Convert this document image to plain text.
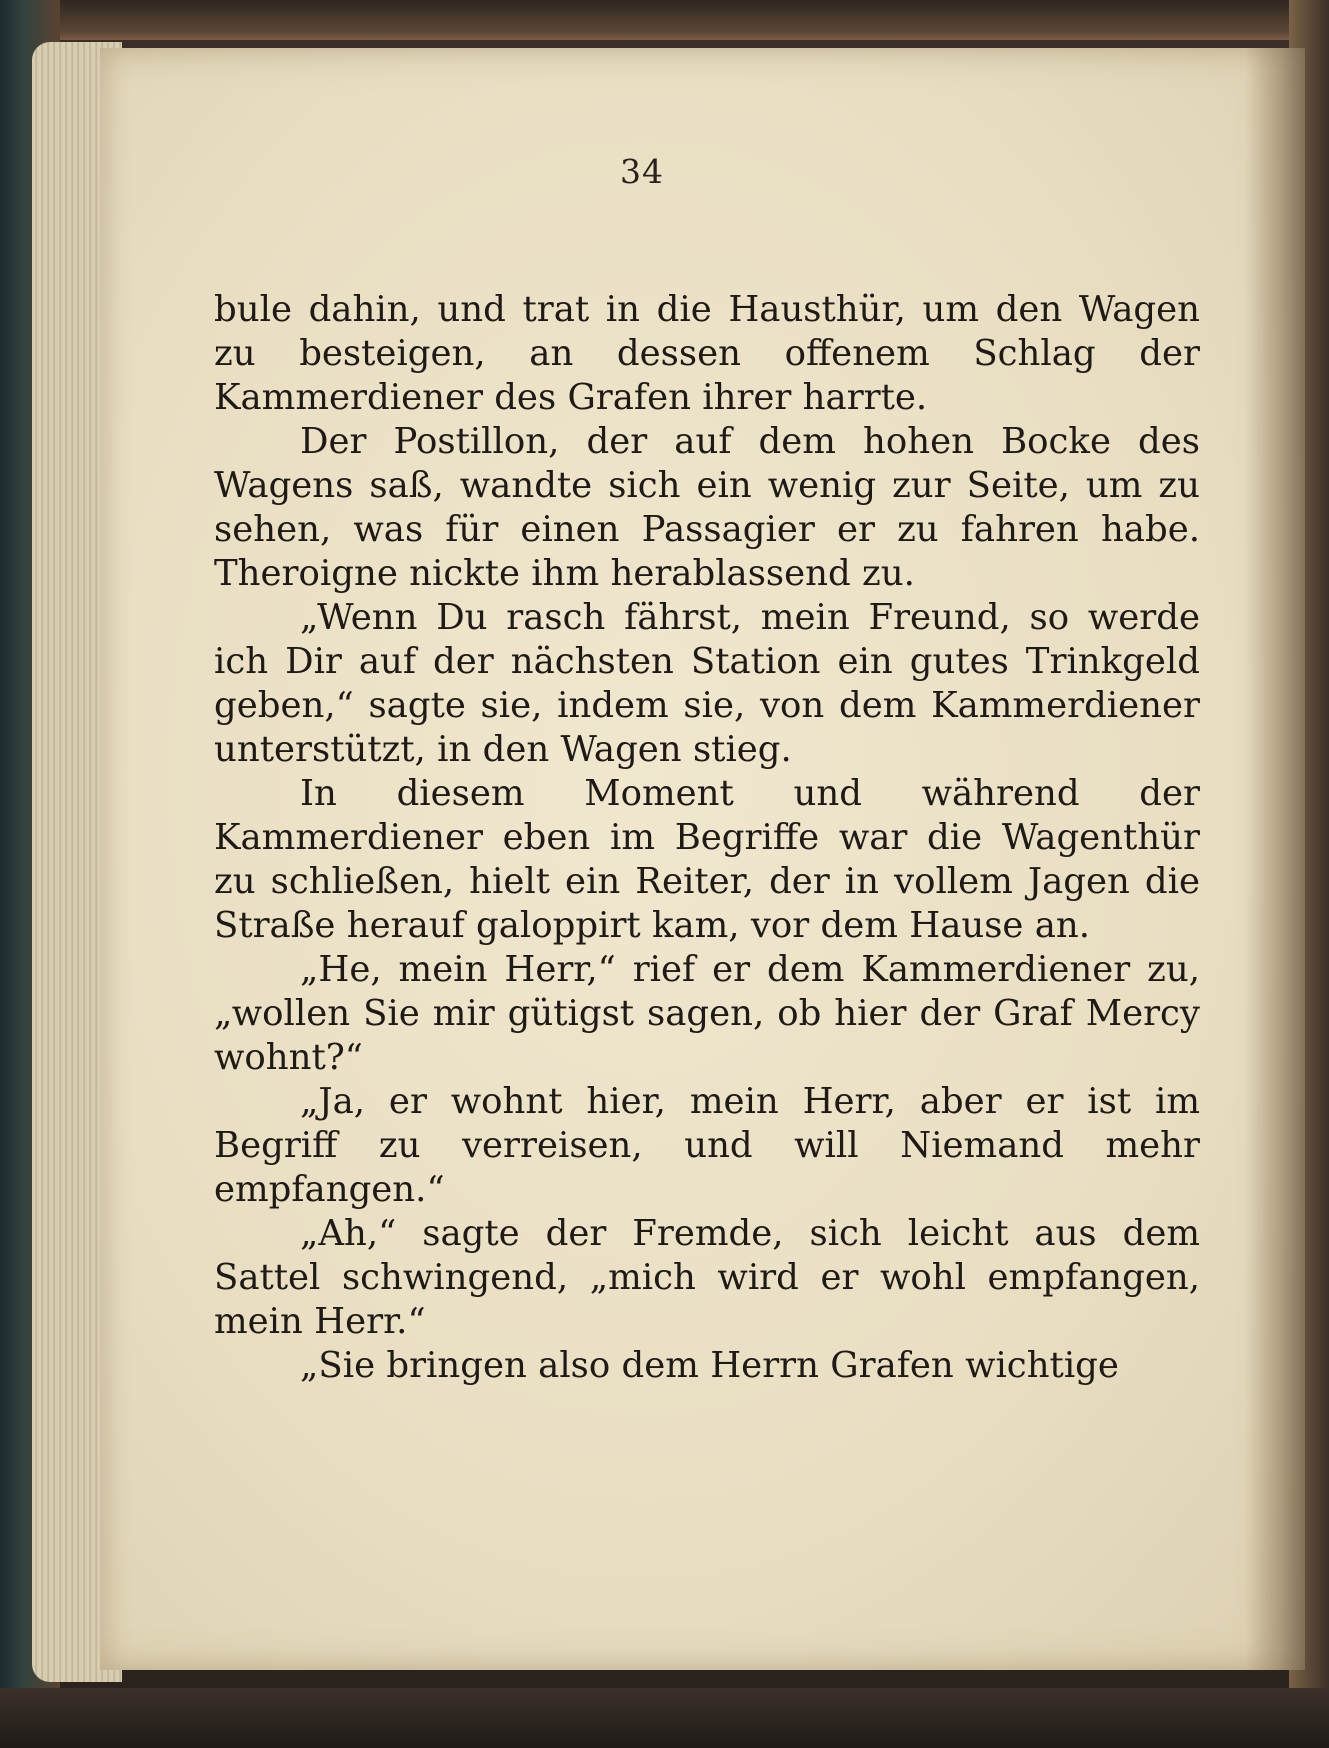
34

bule dahin, und trat in die Hausthür, um den Wagen zu besteigen, an dessen offenem Schlag der Kammerdiener des Grafen ihrer harrte.

Der Postillon, der auf dem hohen Bocke des Wagens saß, wandte sich ein wenig zur Seite, um zu sehen, was für einen Passagier er zu fahren habe. Theroigne nickte ihm herablassend zu.

„Wenn Du rasch fährst, mein Freund, so werde ich Dir auf der nächsten Station ein gutes Trinkgeld geben,“ sagte sie, indem sie, von dem Kammerdiener unterstützt, in den Wagen stieg.

In diesem Moment und während der Kammerdiener eben im Begriffe war die Wagenthür zu schließen, hielt ein Reiter, der in vollem Jagen die Straße herauf galoppirt kam, vor dem Hause an.

„He, mein Herr,“ rief er dem Kammerdiener zu, „wollen Sie mir gütigst sagen, ob hier der Graf Mercy wohnt?“

„Ja, er wohnt hier, mein Herr, aber er ist im Begriff zu verreisen, und will Niemand mehr empfangen.“

„Ah,“ sagte der Fremde, sich leicht aus dem Sattel schwingend, „mich wird er wohl empfangen, mein Herr.“

„Sie bringen also dem Herrn Grafen wichtige
